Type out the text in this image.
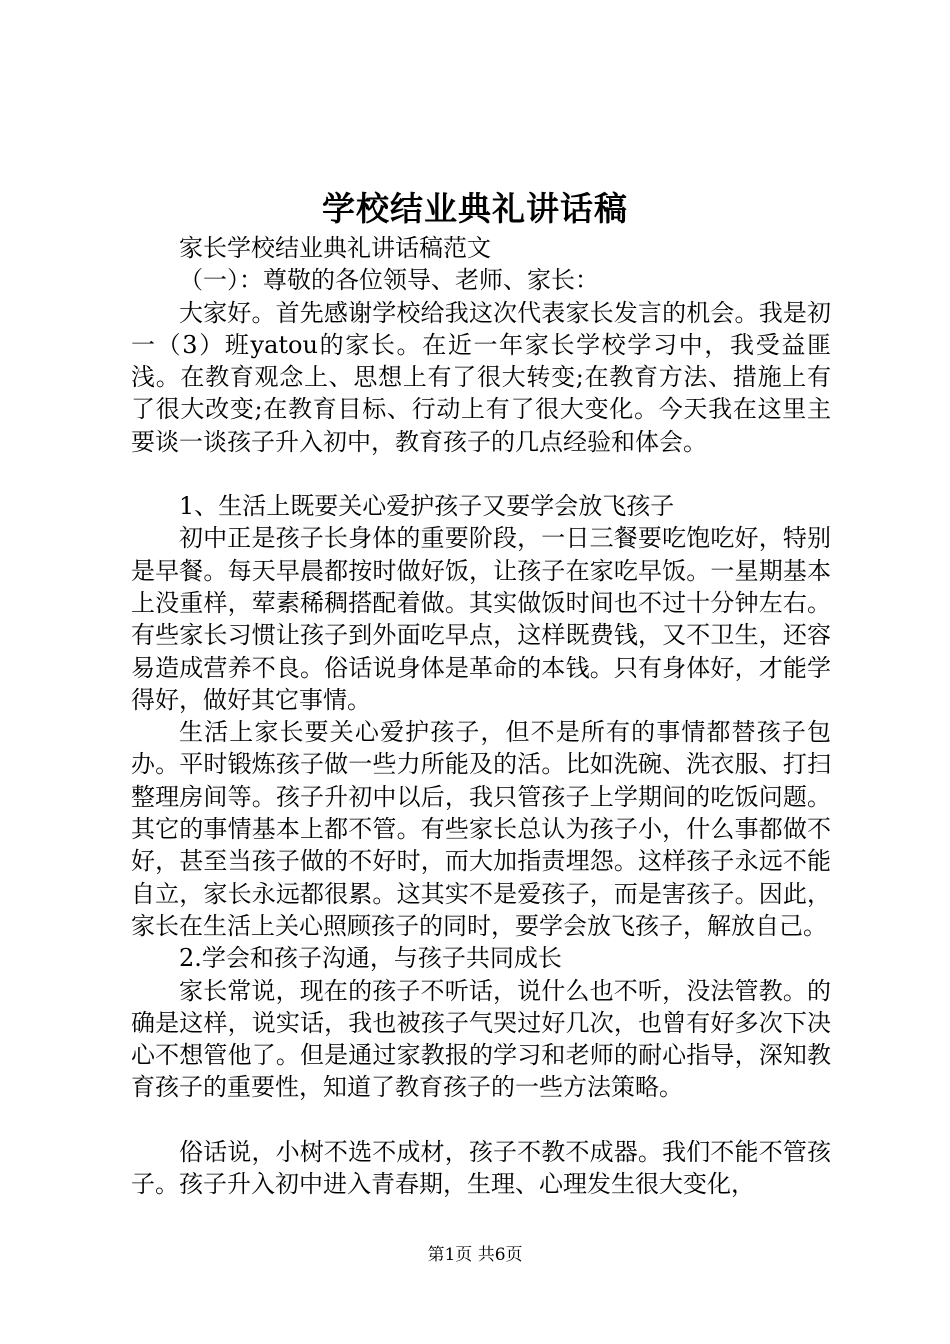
学校结业典礼讲话稿

家长学校结业典礼讲话稿范文

（一）：尊敬的各位领导、老师、家长：

大家好。首先感谢学校给我这次代表家长发言的机会。我是初一（3）班yatou的家长。在近一年家长学校学习中，我受益匪浅。在教育观念上、思想上有了很大转变;在教育方法、措施上有了很大改变;在教育目标、行动上有了很大变化。今天我在这里主要谈一谈孩子升入初中，教育孩子的几点经验和体会。

1、生活上既要关心爱护孩子又要学会放飞孩子

初中正是孩子长身体的重要阶段，一日三餐要吃饱吃好，特别是早餐。每天早晨都按时做好饭，让孩子在家吃早饭。一星期基本上没重样，荤素稀稠搭配着做。其实做饭时间也不过十分钟左右。有些家长习惯让孩子到外面吃早点，这样既费钱，又不卫生，还容易造成营养不良。俗话说身体是革命的本钱。只有身体好，才能学得好，做好其它事情。

生活上家长要关心爱护孩子，但不是所有的事情都替孩子包办。平时锻炼孩子做一些力所能及的活。比如洗碗、洗衣服、打扫整理房间等。孩子升初中以后，我只管孩子上学期间的吃饭问题。其它的事情基本上都不管。有些家长总认为孩子小，什么事都做不好，甚至当孩子做的不好时，而大加指责埋怨。这样孩子永远不能自立，家长永远都很累。这其实不是爱孩子，而是害孩子。因此，家长在生活上关心照顾孩子的同时，要学会放飞孩子，解放自己。

2.学会和孩子沟通，与孩子共同成长

家长常说，现在的孩子不听话，说什么也不听，没法管教。的确是这样，说实话，我也被孩子气哭过好几次，也曾有好多次下决心不想管他了。但是通过家教报的学习和老师的耐心指导，深知教育孩子的重要性，知道了教育孩子的一些方法策略。

俗话说，小树不选不成材，孩子不教不成器。我们不能不管孩子。孩子升入初中进入青春期，生理、心理发生很大变化，

第1页 共6页
